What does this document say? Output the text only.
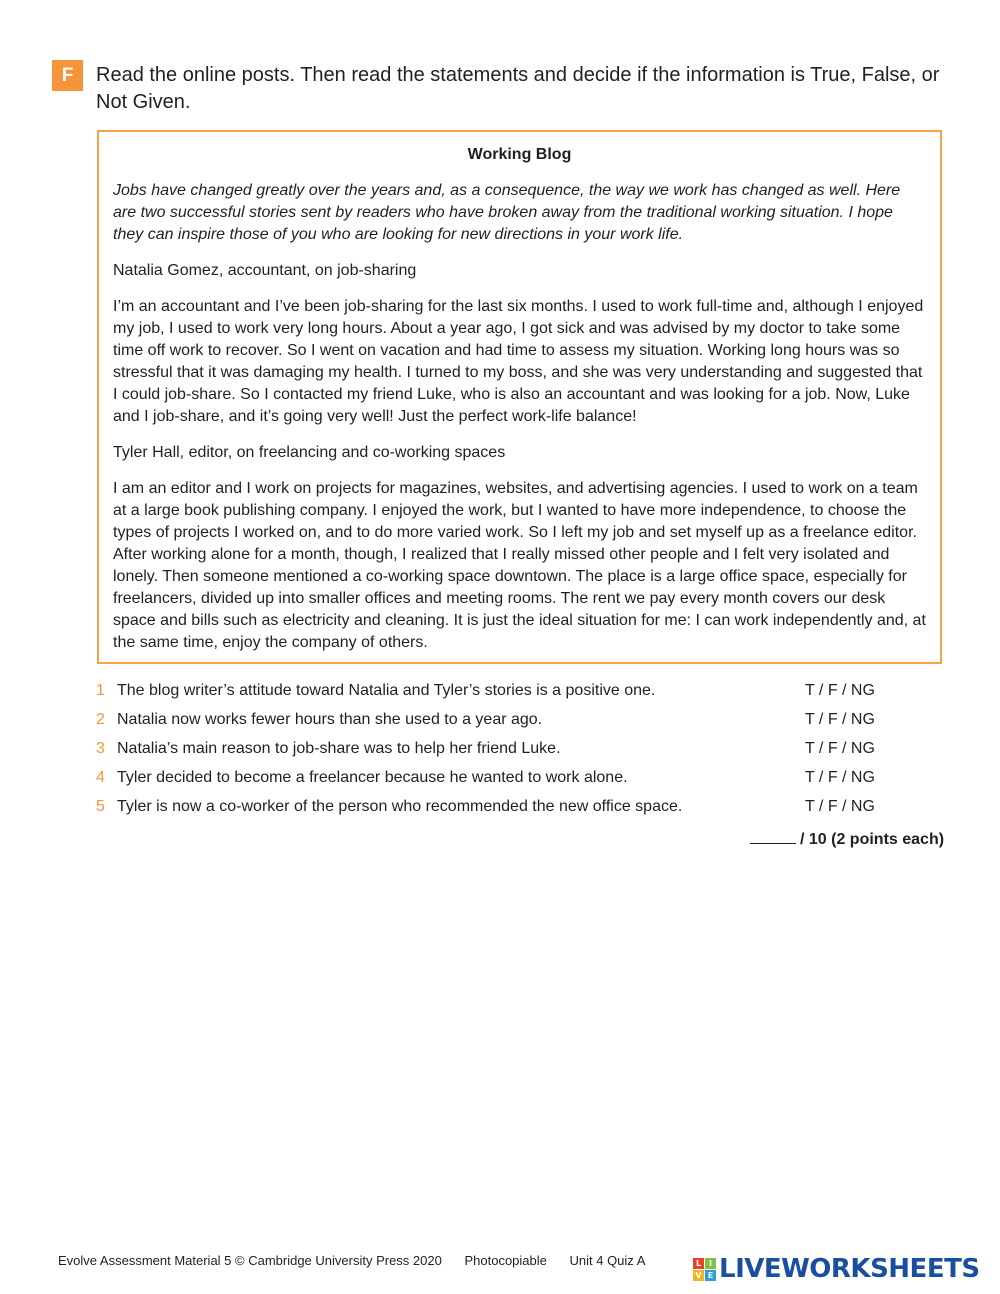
F	Read the online posts. Then read the statements and decide if the information is True, False, or Not Given.
Working Blog
Jobs have changed greatly over the years and, as a consequence, the way we work has changed as well. Here are two successful stories sent by readers who have broken away from the traditional working situation. I hope they can inspire those of you who are looking for new directions in your work life.
Natalia Gomez, accountant, on job-sharing
I’m an accountant and I’ve been job-sharing for the last six months. I used to work full-time and, although I enjoyed my job, I used to work very long hours. About a year ago, I got sick and was advised by my doctor to take some time off work to recover. So I went on vacation and had time to assess my situation. Working long hours was so stressful that it was damaging my health. I turned to my boss, and she was very understanding and suggested that I could job-share. So I contacted my friend Luke, who is also an accountant and was looking for a job. Now, Luke and I job-share, and it’s going very well! Just the perfect work-life balance!
Tyler Hall, editor, on freelancing and co-working spaces
I am an editor and I work on projects for magazines, websites, and advertising agencies. I used to work on a team at a large book publishing company. I enjoyed the work, but I wanted to have more independence, to choose the types of projects I worked on, and to do more varied work. So I left my job and set myself up as a freelance editor. After working alone for a month, though, I realized that I really missed other people and I felt very isolated and lonely. Then someone mentioned a co-working space downtown. The place is a large office space, especially for freelancers, divided up into smaller offices and meeting rooms. The rent we pay every month covers our desk space and bills such as electricity and cleaning. It is just the ideal situation for me: I can work independently and, at the same time, enjoy the company of others.
1 The blog writer’s attitude toward Natalia and Tyler’s stories is a positive one.	T / F / NG
2 Natalia now works fewer hours than she used to a year ago.	T / F / NG
3 Natalia’s main reason to job-share was to help her friend Luke.	T / F / NG
4 Tyler decided to become a freelancer because he wanted to work alone.	T / F / NG
5 Tyler is now a co-worker of the person who recommended the new office space.	T / F / NG
/ 10 (2 points each)
Evolve Assessment Material 5 © Cambridge University Press 2020 Photocopiable Unit 4 Quiz A	L I
V E LIVEWORKSHEETS
